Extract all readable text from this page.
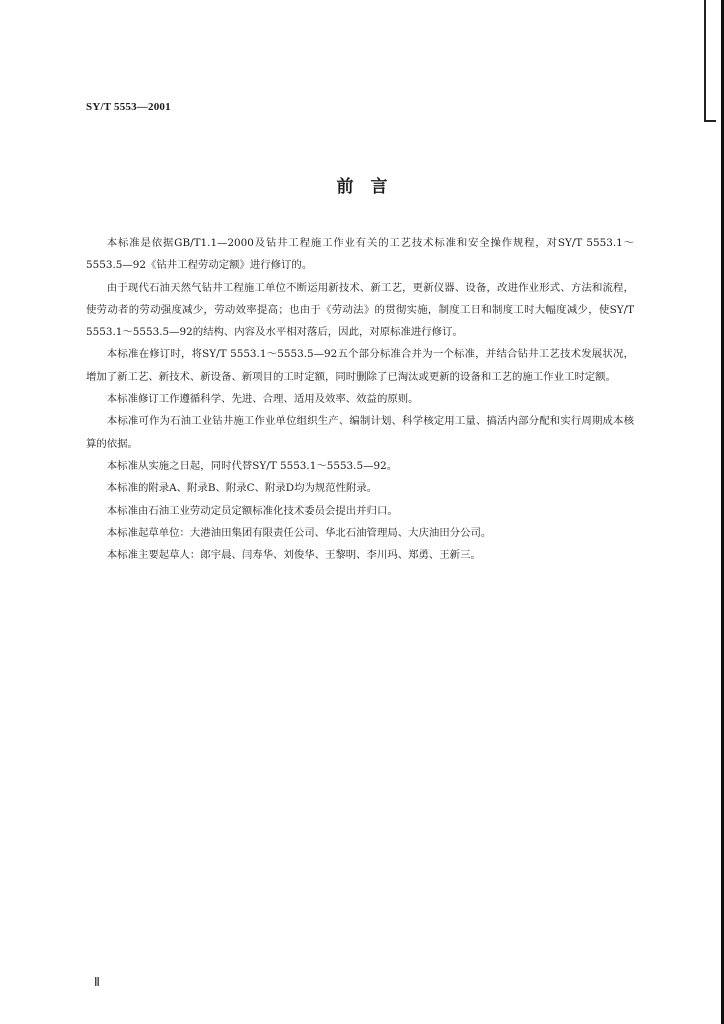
SY/T 5553—2001
前　言

本标准是依据GB/T1.1—2000及钻井工程施工作业有关的工艺技术标准和安全操作规程，对SY/T 5553.1～5553.5—92《钻井工程劳动定额》进行修订的。

由于现代石油天然气钻井工程施工单位不断运用新技术、新工艺，更新仪器、设备，改进作业形式、方法和流程，使劳动者的劳动强度减少，劳动效率提高；也由于《劳动法》的贯彻实施，制度工日和制度工时大幅度减少，使SY/T 5553.1～5553.5—92的结构、内容及水平相对落后，因此，对原标准进行修订。

本标准在修订时，将SY/T 5553.1～5553.5—92五个部分标准合并为一个标准，并结合钻井工艺技术发展状况，增加了新工艺、新技术、新设备、新项目的工时定额，同时删除了已淘汰或更新的设备和工艺的施工作业工时定额。

本标准修订工作遵循科学、先进、合理、适用及效率、效益的原则。

本标准可作为石油工业钻井施工作业单位组织生产、编制计划、科学核定用工量、搞活内部分配和实行周期成本核算的依据。

本标准从实施之日起，同时代替SY/T 5553.1～5553.5—92。

本标准的附录A、附录B、附录C、附录D均为规范性附录。

本标准由石油工业劳动定员定额标准化技术委员会提出并归口。

本标准起草单位：大港油田集团有限责任公司、华北石油管理局、大庆油田分公司。

本标准主要起草人：郎宇晨、闫寿华、刘俊华、王黎明、李川玛、郑勇、王新三。

Ⅱ
